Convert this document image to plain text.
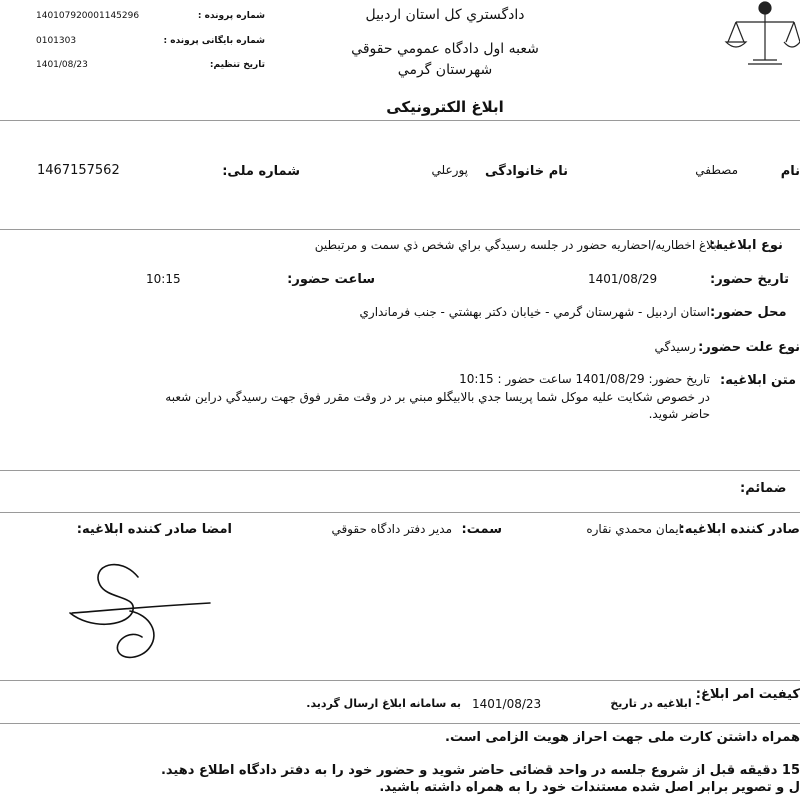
140107920001145296	شماره پرونده :
0101303	شماره بایگانی پرونده :
1401/08/23	تاریخ تنظیم:
دادگستري کل استان اردبیل
شعبه اول دادگاه عمومي حقوقي
شهرستان گرمي
ابلاغ الکترونيکی
نام
مصطفي
نام خانوادگی
پورعلي
شماره ملی:
1467157562
نوع ابلاغیه:
ابلاغ اخطاريه/احضاريه حضور در جلسه رسيدگي براي شخص ذي سمت و مرتبطين
تاریخ حضور:
1401/08/29
ساعت حضور:
10:15
محل حضور:
استان اردبيل - شهرستان گرمي - خيابان دکتر بهشتي - جنب فرمانداري
نوع علت حضور:
رسيدگي
متن ابلاغیه:
تاريخ حضور: 1401/08/29 ساعت حضور : 10:15
در خصوص شکايت عليه موکل شما پريسا جدي بالابيگلو مبني بر در وقت مقرر فوق جهت رسيدگي دراين شعبه
حاضر شويد.
ضمائم:
صادر کننده ابلاغیه:
ايمان محمدي نقاره
سمت:
مدير دفتر دادگاه حقوقي
امضا صادر کننده ابلاغیه:
کیفیت امر ابلاغ:
- ابلاغیه در تاریخ
1401/08/23
به سامانه ابلاغ ارسال گردید.
همراه داشتن کارت ملی جهت احراز هویت الزامی است.
15 دقیقه قبل از شروع جلسه در واحد قضائی حاضر شوید و حضور خود را به دفتر دادگاه اطلاع دهید.
ل و تصویر برابر اصل شده مستندات خود را به همراه داشته باشید.
